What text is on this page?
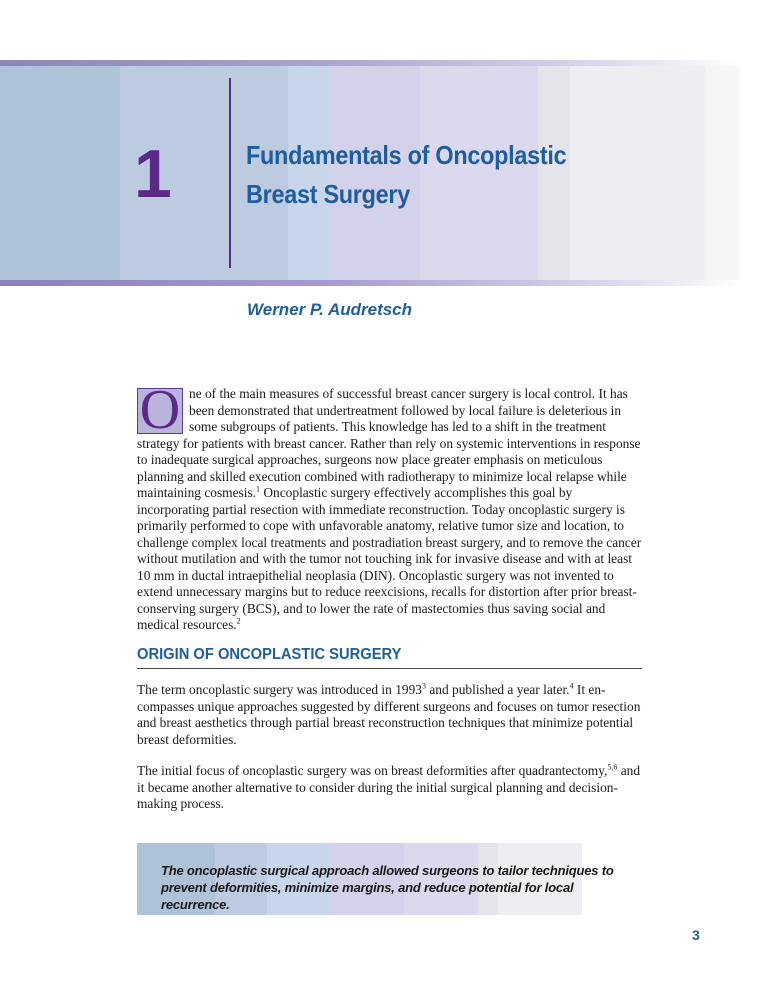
1	Fundamentals of Oncoplastic
Breast Surgery
Werner P. Audretsch
O ne of the main measures of successful breast cancer surgery is local control. It has been demonstrated that undertreatment followed by local failure is deleterious in some subgroups of patients. This knowledge has led to a shift in the treatment strategy for patients with breast cancer. Rather than rely on systemic interventions in response to inadequate surgical approaches, surgeons now place greater emphasis on meticulous planning and skilled execution combined with radiotherapy to minimize local relapse while maintaining cosmesis.$^1$ Oncoplastic surgery effectively accomplishes this goal by incorporating partial resection with immediate reconstruction. Today oncoplastic surgery is primarily performed to cope with unfavorable anatomy, relative tumor size and location, to challenge complex local treatments and postradiation breast surgery, and to remove the cancer without mutilation and with the tumor not touching ink for invasive disease and with at least 10 mm in ductal intraepithelial neoplasia (DIN). Oncoplastic surgery was not invented to extend unnecessary margins but to reduce reexcisions, recalls for distortion after prior breast-conserving surgery (BCS), and to lower the rate of mastectomies thus saving social and medical resources.$^2$
ORIGIN OF ONCOPLASTIC SURGERY
The term oncoplastic surgery was introduced in 1993$^3$ and published a year later.$^4$ It encompasses unique approaches suggested by different surgeons and focuses on tumor resection and breast aesthetics through partial breast reconstruction techniques that minimize potential breast deformities.
The initial focus of oncoplastic surgery was on breast deformities after quadrantectomy,$^{5,6}$ and it became another alternative to consider during the initial surgical planning and decision-making process.
The oncoplastic surgical approach allowed surgeons to tailor techniques to prevent deformities, minimize margins, and reduce potential for local recurrence.
3
